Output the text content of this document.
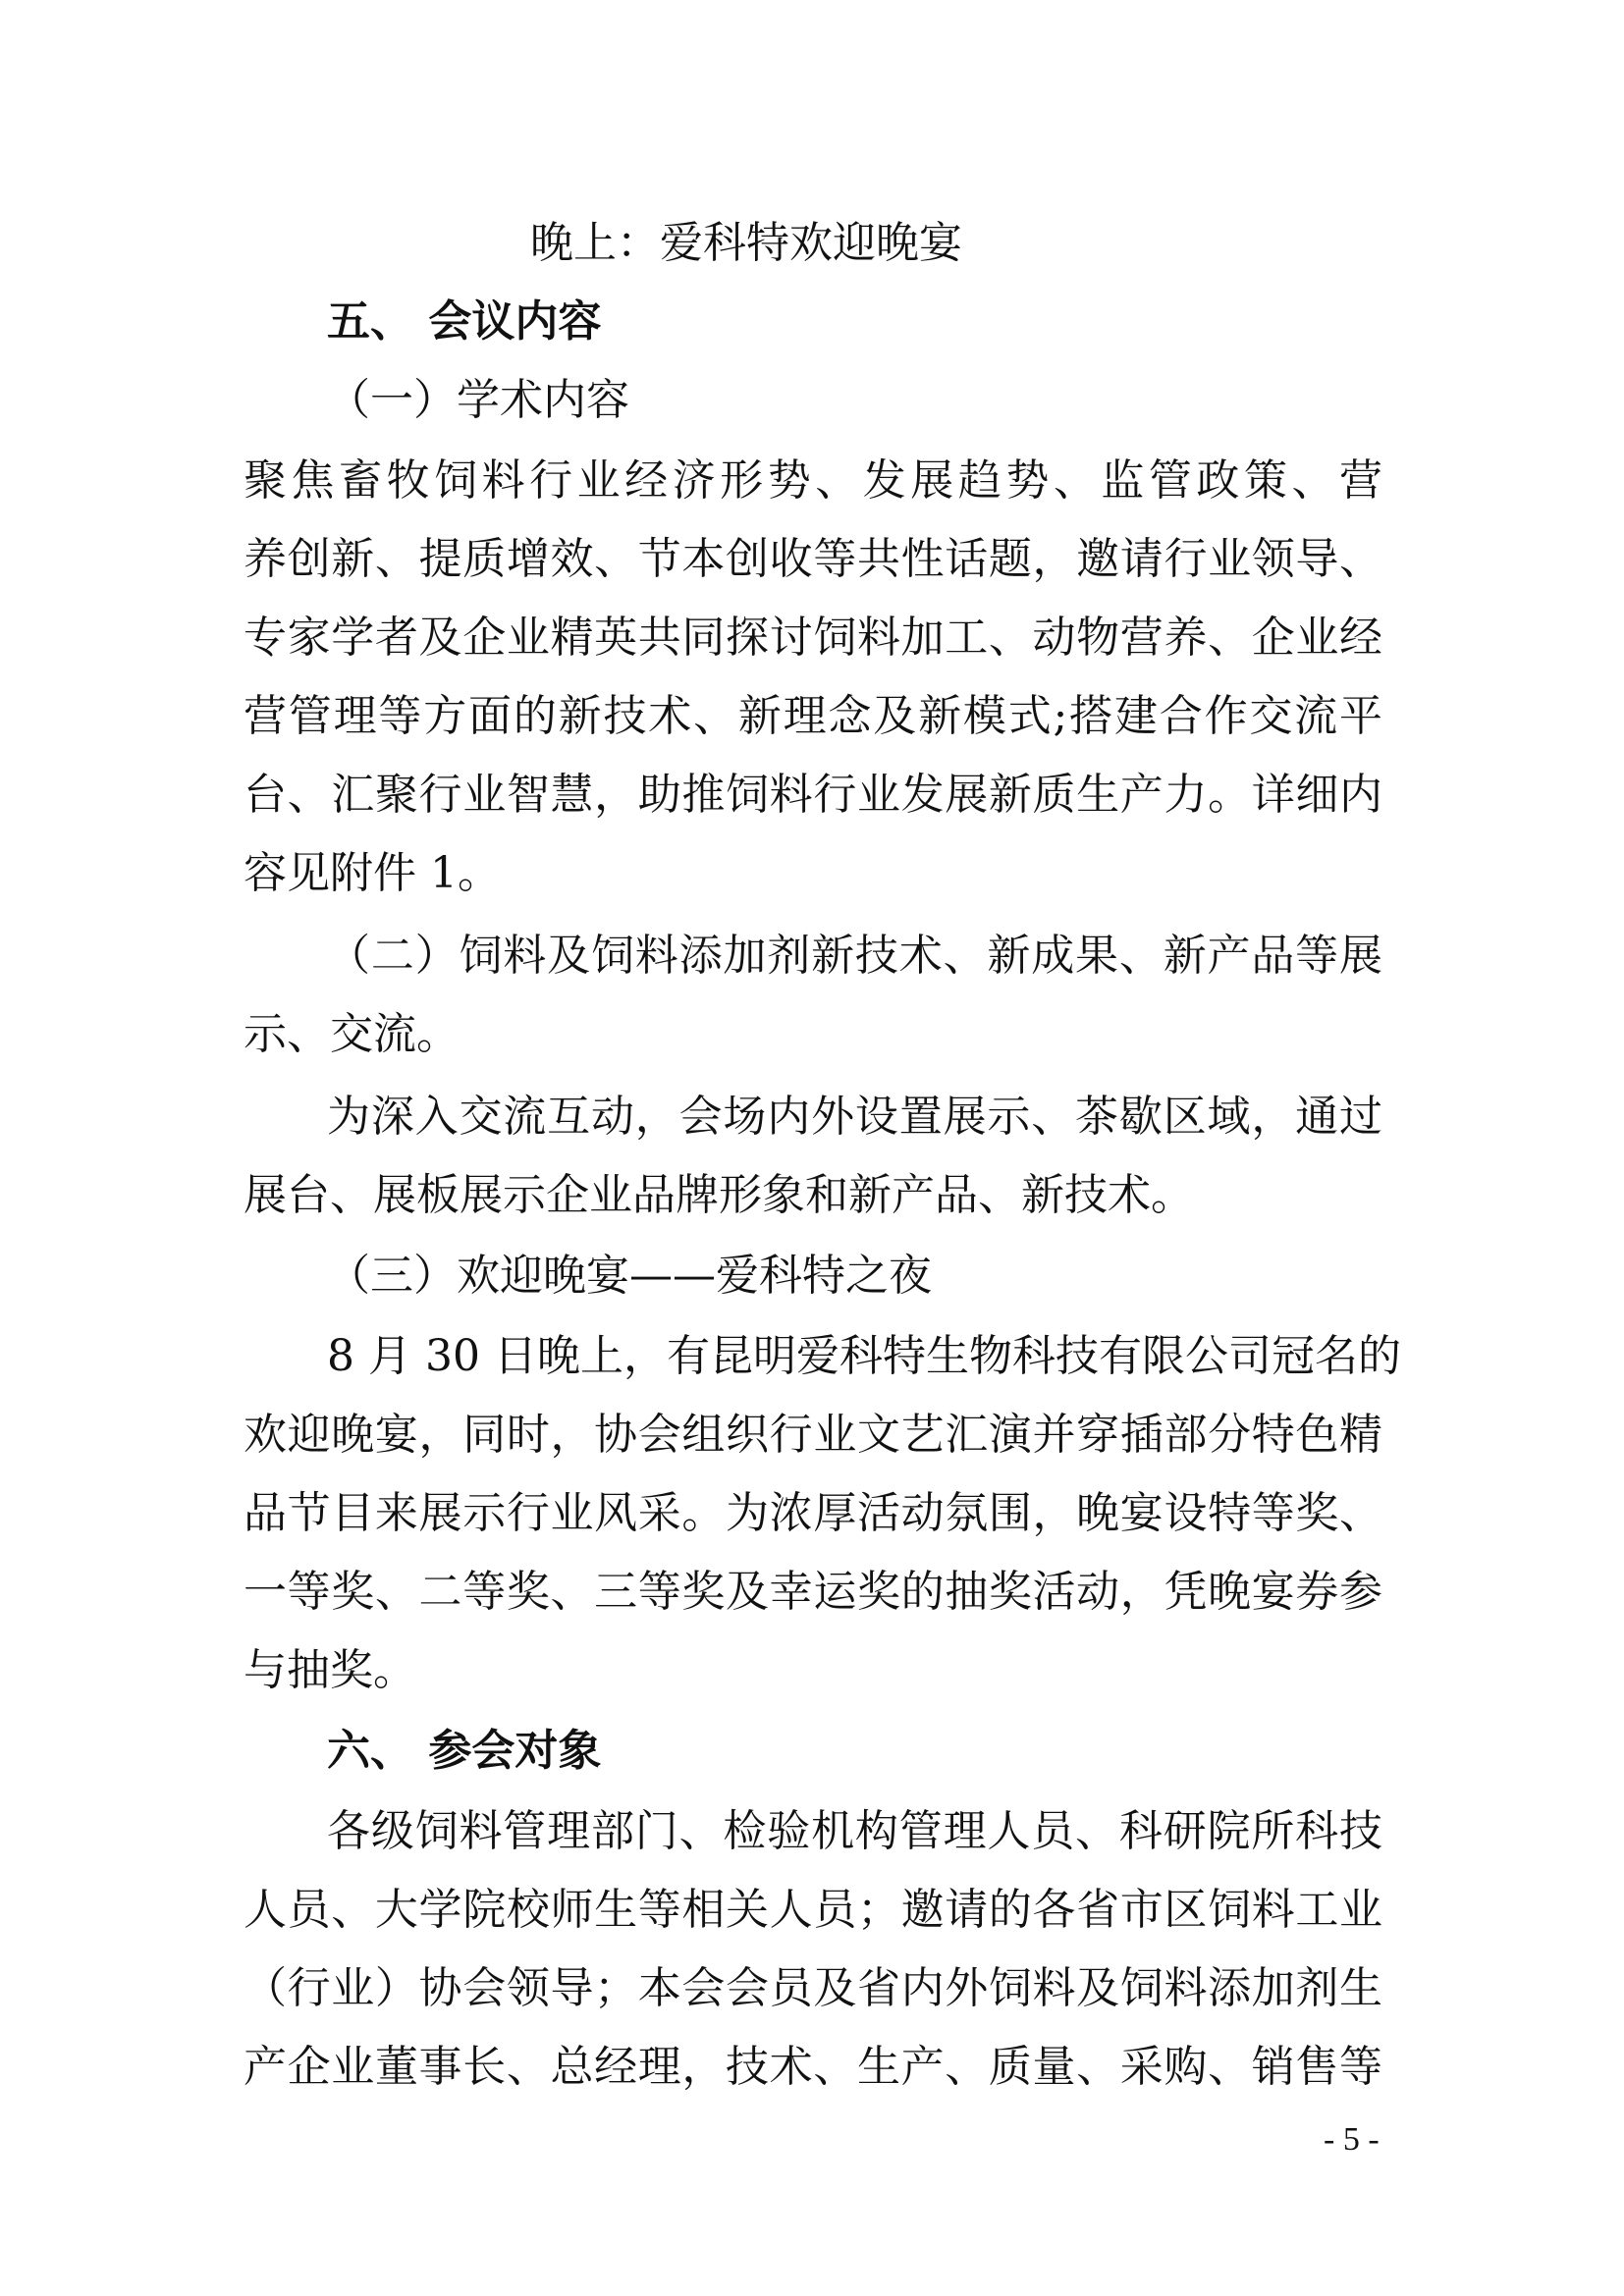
晚上：爱科特欢迎晚宴

五、 会议内容

（一）学术内容

聚焦畜牧饲料行业经济形势、发展趋势、监管政策、营

养创新、提质增效、节本创收等共性话题，邀请行业领导、

专家学者及企业精英共同探讨饲料加工、动物营养、企业经

营管理等方面的新技术、新理念及新模式;搭建合作交流平

台、汇聚行业智慧，助推饲料行业发展新质生产力。详细内

容见附件 1。

（二）饲料及饲料添加剂新技术、新成果、新产品等展

示、交流。

为深入交流互动，会场内外设置展示、茶歇区域，通过

展台、展板展示企业品牌形象和新产品、新技术。

（三）欢迎晚宴——爱科特之夜

8 月 30 日晚上，有昆明爱科特生物科技有限公司冠名的

欢迎晚宴，同时，协会组织行业文艺汇演并穿插部分特色精

品节目来展示行业风采。为浓厚活动氛围，晚宴设特等奖、

一等奖、二等奖、三等奖及幸运奖的抽奖活动，凭晚宴券参

与抽奖。

六、 参会对象

各级饲料管理部门、检验机构管理人员、科研院所科技

人员、大学院校师生等相关人员；邀请的各省市区饲料工业

（行业）协会领导；本会会员及省内外饲料及饲料添加剂生

产企业董事长、总经理，技术、生产、质量、采购、销售等

- 5 -
